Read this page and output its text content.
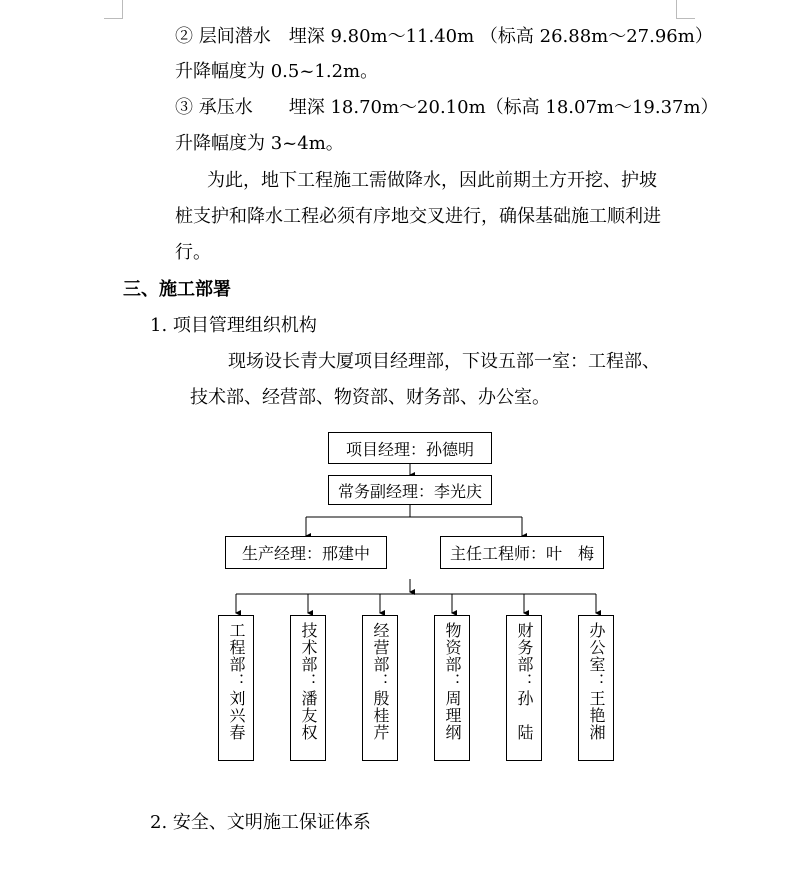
② 层间潜水　埋深 9.80m～11.40m （标高 26.88m～27.96m）
升降幅度为 0.5~1.2m。
③ 承压水　　埋深 18.70m～20.10m（标高 18.07m～19.37m）
升降幅度为 3~4m。
为此，地下工程施工需做降水，因此前期土方开挖、护坡
桩支护和降水工程必须有序地交叉进行，确保基础施工顺利进
行。
三、施工部署
1. 项目管理组织机构
现场设长青大厦项目经理部，下设五部一室：工程部、
技术部、经营部、物资部、财务部、办公室。
项目经理：孙德明
常务副经理：李光庆
生产经理：邢建中	主任工程师：叶　梅
工程部：刘兴春	技术部：潘友权	经营部：殷桂芹	物资部：周理纲	财务部：孙　陆	办公室：王艳湘
2. 安全、文明施工保证体系
